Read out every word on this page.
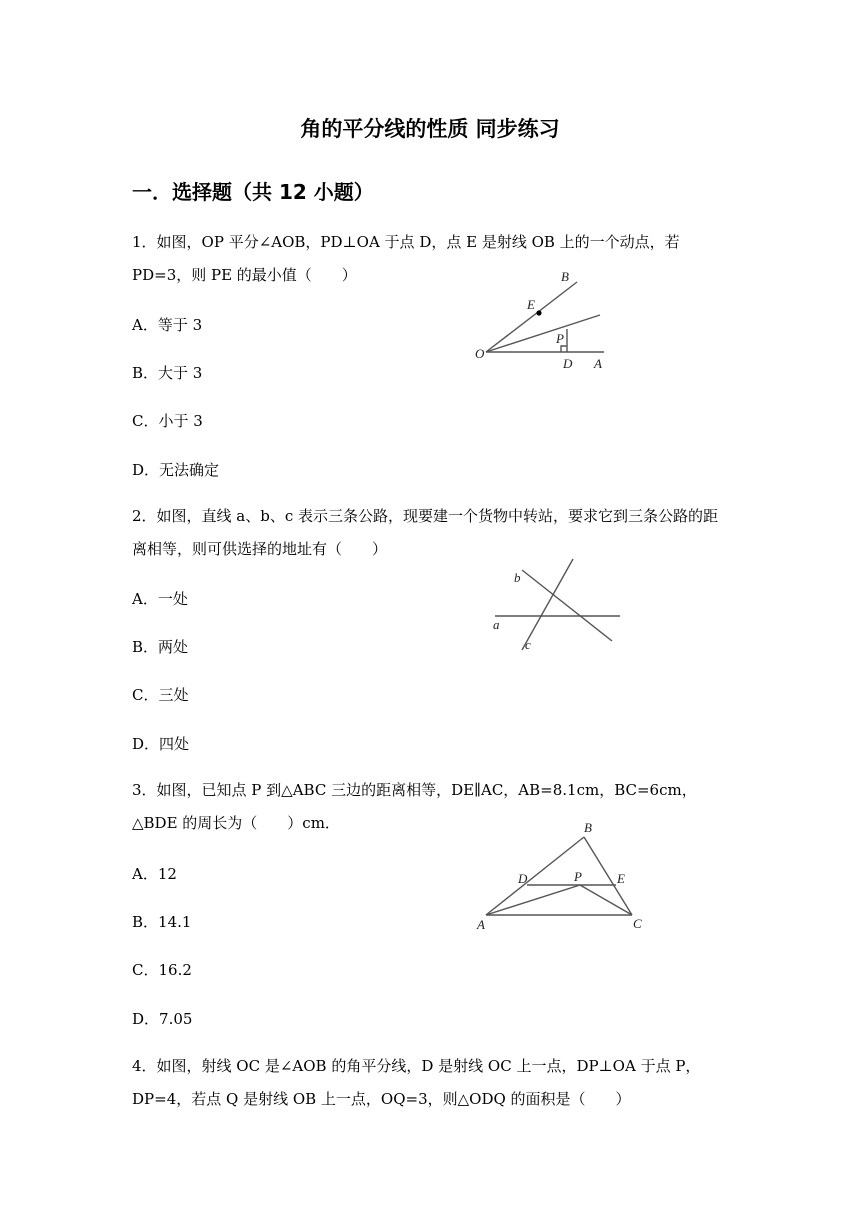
角的平分线的性质 同步练习
一．选择题（共 12 小题）
1．如图，OP 平分∠AOB，PD⊥OA 于点 D，点 E 是射线 OB 上的一个动点，若 PD=3，则 PE 的最小值（　　）
A．等于 3
B．大于 3
C．小于 3
D．无法确定
B
E
P
O
D A
2．如图，直线 a、b、c 表示三条公路，现要建一个货物中转站，要求它到三条公路的距离相等，则可供选择的地址有（　　）
A．一处
B．两处
C．三处
D．四处
b
a
c
3．如图，已知点 P 到△ABC 三边的距离相等，DE∥AC，AB=8.1cm，BC=6cm，△BDE 的周长为（　　）cm．
A．12
B．14.1
C．16.2
D．7.05
B
D	P	E
A	C
4．如图，射线 OC 是∠AOB 的角平分线，D 是射线 OC 上一点，DP⊥OA 于点 P，DP=4，若点 Q 是射线 OB 上一点，OQ=3，则△ODQ 的面积是（　　）
